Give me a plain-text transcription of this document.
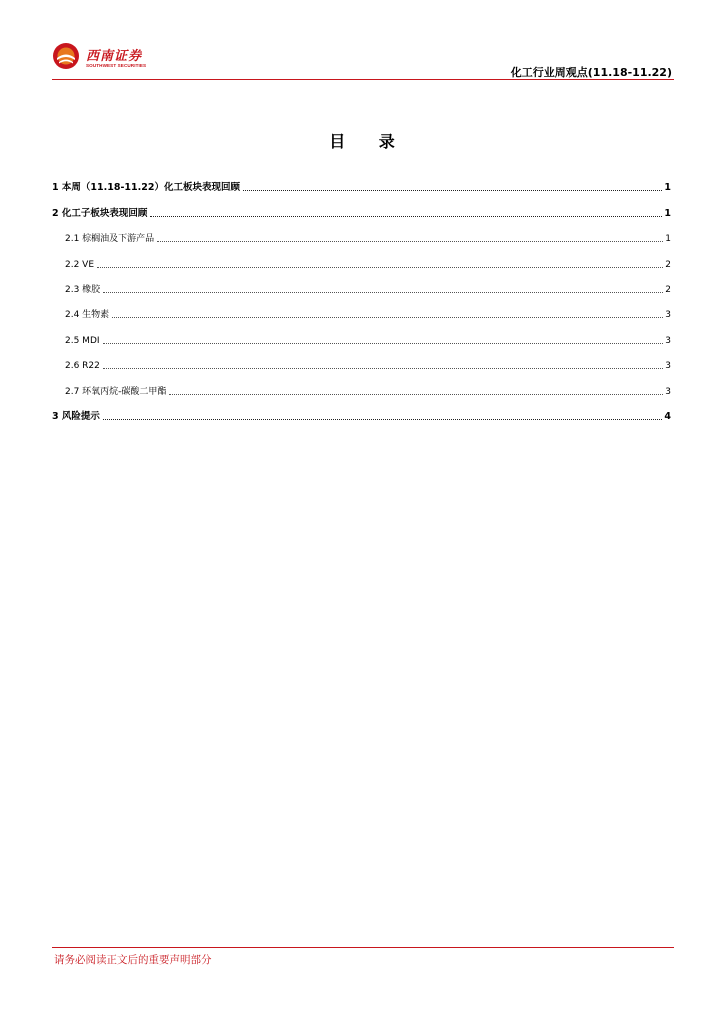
西南证券
SOUTHWEST SECURITIES
化工行业周观点(11.18-11.22)
目 录
1 本周（11.18-11.22）化工板块表现回顾	1
2 化工子板块表现回顾	1
2.1 棕榈油及下游产品	1
2.2 VE	2
2.3 橡胶	2
2.4 生物素	3
2.5 MDI	3
2.6 R22	3
2.7 环氧丙烷-碳酸二甲酯	3
3 风险提示	4
请务必阅读正文后的重要声明部分
